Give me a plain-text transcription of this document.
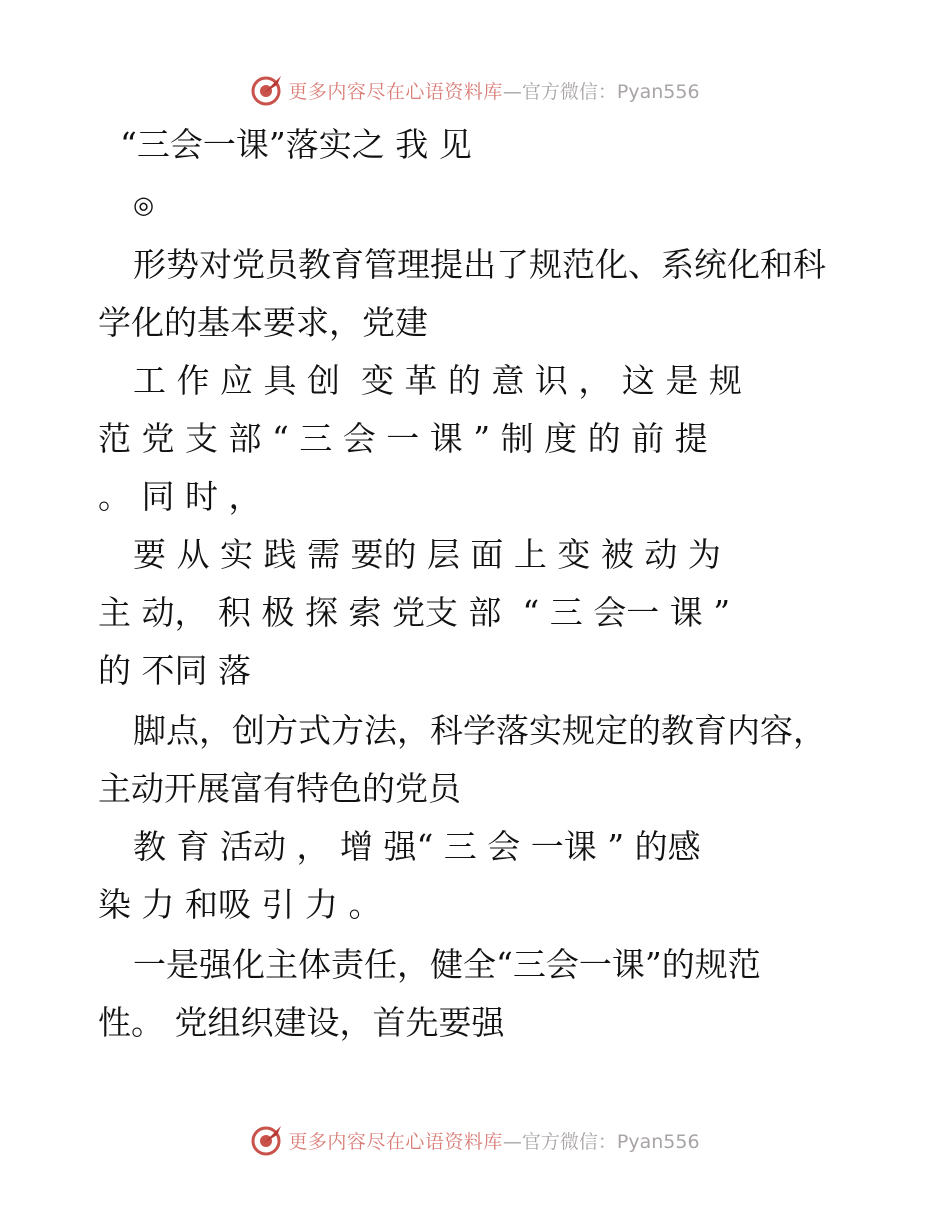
更多内容尽在心语资料库 —官方微信：Pyan556
“三会一课”落实之 我 见
◎
形势对党员教育管理提出了规范化、系统化和科
学化的基本要求，党建
工 作 应 具 创  变 革 的 意 识 ， 这 是 规
范 党 支 部 “ 三 会 一 课 ” 制 度 的 前 提
。 同 时 ，
要 从 实 践 需 要的 层 面 上 变 被 动 为
主 动， 积 极 探 索 党支 部  “ 三 会一 课 ”
的 不同 落
脚点，创方式方法，科学落实规定的教育内容，
主动开展富有特色的党员
教 育 活动 ， 增 强“ 三 会 一课 ” 的感
染 力 和吸 引 力 。
一是强化主体责任，健全“三会一课”的规范
性。 党组织建设，首先要强
更多内容尽在心语资料库 —官方微信：Pyan556
